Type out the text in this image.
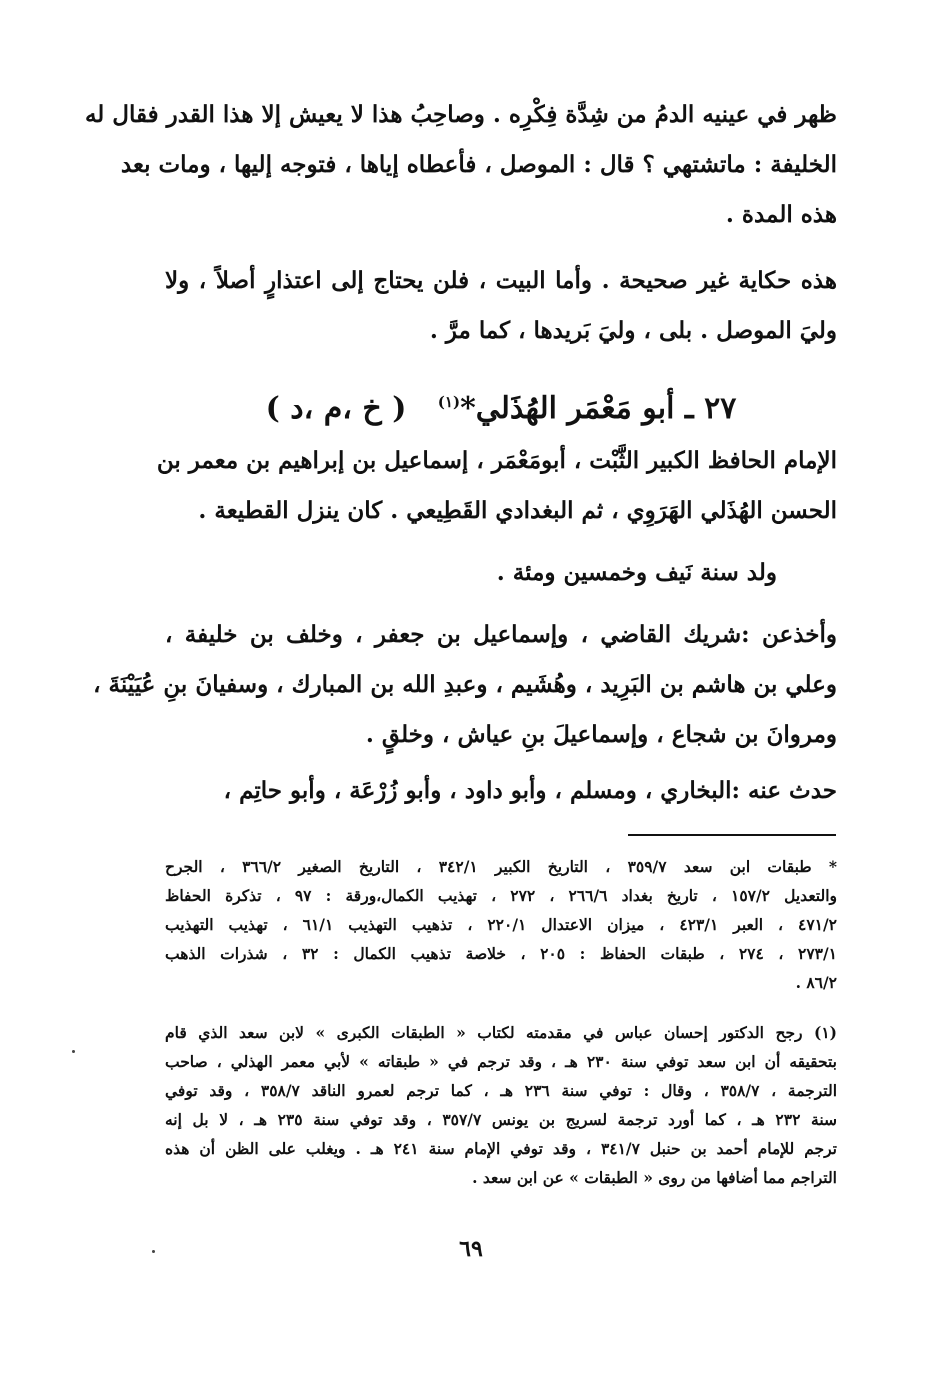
ظهر في عينيه الدمُ من شِدَّة فِكْرِه . وصاحِبُ هذا لا يعيش إلا هذا القدر فقال له
الخليفة : ماتشتهي ؟ قال : الموصل ، فأعطاه إياها ، فتوجه إليها ، ومات بعد
هذه المدة .
هذه حكاية غير صحيحة . وأما البيت ، فلن يحتاج إلى اعتذارٍ أصلاً ، ولا
وليَ الموصل . بلى ، وليَ بَريدها ، كما مرَّ .
٢٧ ـ أبو مَعْمَر الهُذَلي*$^{(١)}$   ( خ ،م ،د )
الإمام الحافظ الكبير الثَّبْت ، أبومَعْمَر ، إسماعيل بن إبراهيم بن معمر بن
الحسن الهُذَلي الهَرَوِي ، ثم البغدادي القَطِيعي . كان ينزل القطيعة .
ولد سنة نَيف وخمسين ومئة .
وأخذعن :شريك القاضي ، وإسماعيل بن جعفر ، وخلف بن خليفة ،
وعلي بن هاشم بن البَرِيد ، وهُشَيم ، وعبدِ الله بن المبارك ، وسفيانَ بنِ عُيَيْنَةَ ،
ومروانَ بن شجاع ، وإسماعيلَ بنِ عياش ، وخلقٍ .
حدث عنه :البخاري ، ومسلم ، وأبو داود ، وأبو زُرْعَة ، وأبو حاتِم ،
* طبقات ابن سعد ٣٥٩/٧ ، التاريخ الكبير ٣٤٢/١ ، التاريخ الصغير ٣٦٦/٢ ، الجرح
والتعديل ١٥٧/٢ ، تاريخ بغداد ٢٦٦/٦ ، ٢٧٢ ، تهذيب الكمال،ورقة : ٩٧ ، تذكرة الحفاظ
٤٧١/٢ ، العبر ٤٢٣/١ ، ميزان الاعتدال ٢٢٠/١ ، تذهيب التهذيب ٦١/١ ، تهذيب التهذيب
٢٧٣/١ ، ٢٧٤ ، طبقات الحفاظ : ٢٠٥ ، خلاصة تذهيب الكمال : ٣٢ ، شذرات الذهب
٨٦/٢ .
(١) رجح الدكتور إحسان عباس في مقدمته لكتاب « الطبقات الكبرى » لابن سعد الذي قام
بتحقيقه أن ابن سعد توفي سنة ٢٣٠ هـ ، وقد ترجم في « طبقاته » لأبي معمر الهذلي ، صاحب
الترجمة ، ٣٥٨/٧ ، وقال : توفي سنة ٢٣٦ هـ ، كما ترجم لعمرو الناقد ٣٥٨/٧ ، وقد توفي
سنة ٢٣٢ هـ ، كما أورد ترجمة لسريج بن يونس ٣٥٧/٧ ، وقد توفي سنة ٢٣٥ هـ ، لا بل إنه
ترجم للإمام أحمد بن حنبل ٣٤١/٧ ، وقد توفي الإمام سنة ٢٤١ هـ . ويغلب على الظن أن هذه
التراجم مما أضافها من روى « الطبقات » عن ابن سعد .
٦٩
